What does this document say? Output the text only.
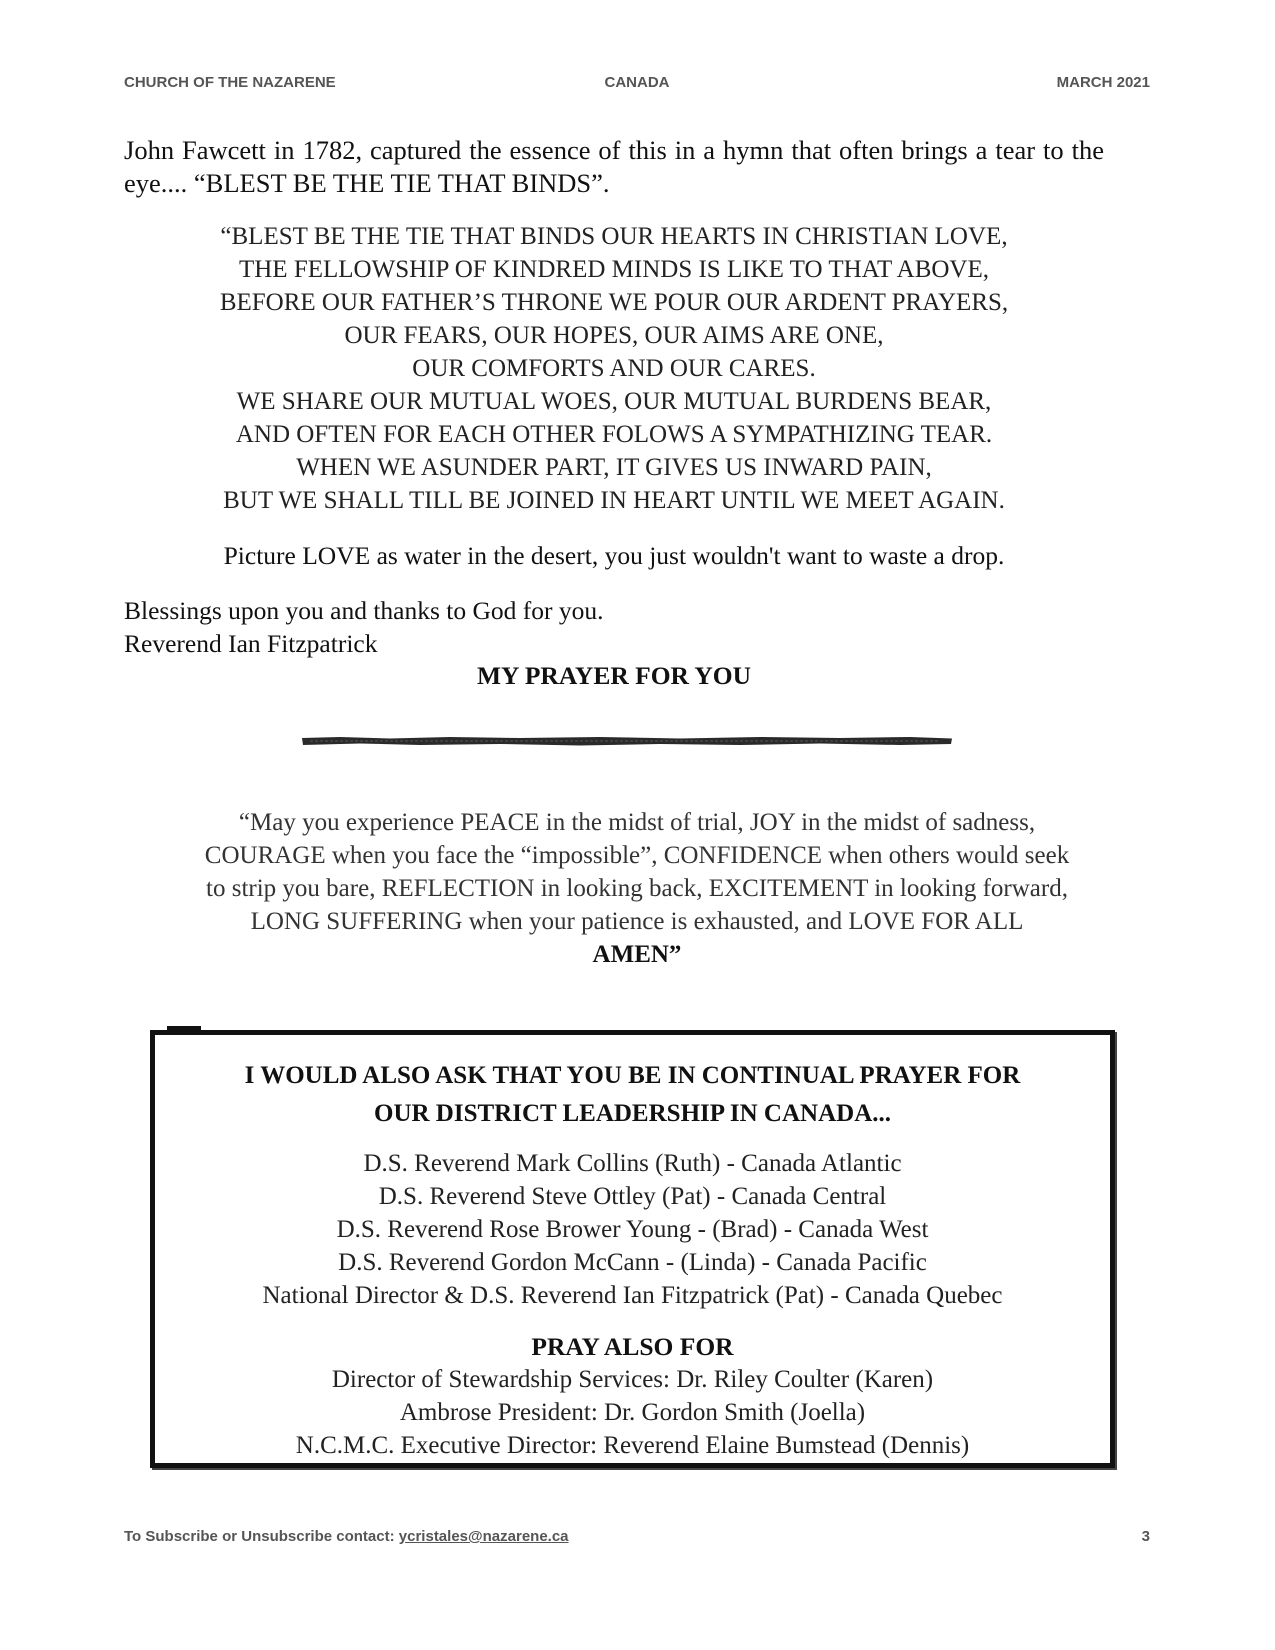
CHURCH OF THE NAZARENE	CANADA	MARCH 2021
John Fawcett in 1782, captured the essence of this in a hymn that often brings a tear to the eye.... “BLEST BE THE TIE THAT BINDS”.
“BLEST BE THE TIE THAT BINDS OUR HEARTS IN CHRISTIAN LOVE,
THE FELLOWSHIP OF KINDRED MINDS IS LIKE TO THAT ABOVE,
BEFORE OUR FATHER’S THRONE WE POUR OUR ARDENT PRAYERS,
OUR FEARS, OUR HOPES, OUR AIMS ARE ONE,
OUR COMFORTS AND OUR CARES.
WE SHARE OUR MUTUAL WOES, OUR MUTUAL BURDENS BEAR,
AND OFTEN FOR EACH OTHER FOLOWS A SYMPATHIZING TEAR.
WHEN WE ASUNDER PART, IT GIVES US INWARD PAIN,
BUT WE SHALL TILL BE JOINED IN HEART UNTIL WE MEET AGAIN.
Picture LOVE as water in the desert, you just wouldn't want to waste a drop.
Blessings upon you and thanks to God for you.
Reverend Ian Fitzpatrick
MY PRAYER FOR YOU
“May you experience PEACE in the midst of trial, JOY in the midst of sadness,
COURAGE when you face the “impossible”, CONFIDENCE when others would seek
to strip you bare, REFLECTION in looking back, EXCITEMENT in looking forward,
LONG SUFFERING when your patience is exhausted, and LOVE FOR ALL
AMEN”
I WOULD ALSO ASK THAT YOU BE IN CONTINUAL PRAYER FOR
OUR DISTRICT LEADERSHIP IN CANADA...
D.S. Reverend Mark Collins (Ruth) - Canada Atlantic
D.S. Reverend Steve Ottley (Pat) - Canada Central
D.S. Reverend Rose Brower Young - (Brad) - Canada West
D.S. Reverend Gordon McCann - (Linda) - Canada Pacific
National Director & D.S. Reverend Ian Fitzpatrick (Pat) - Canada Quebec
PRAY ALSO FOR
Director of Stewardship Services: Dr. Riley Coulter (Karen)
Ambrose President: Dr. Gordon Smith (Joella)
N.C.M.C. Executive Director: Reverend Elaine Bumstead (Dennis)
To Subscribe or Unsubscribe contact: ycristales@nazarene.ca	3
